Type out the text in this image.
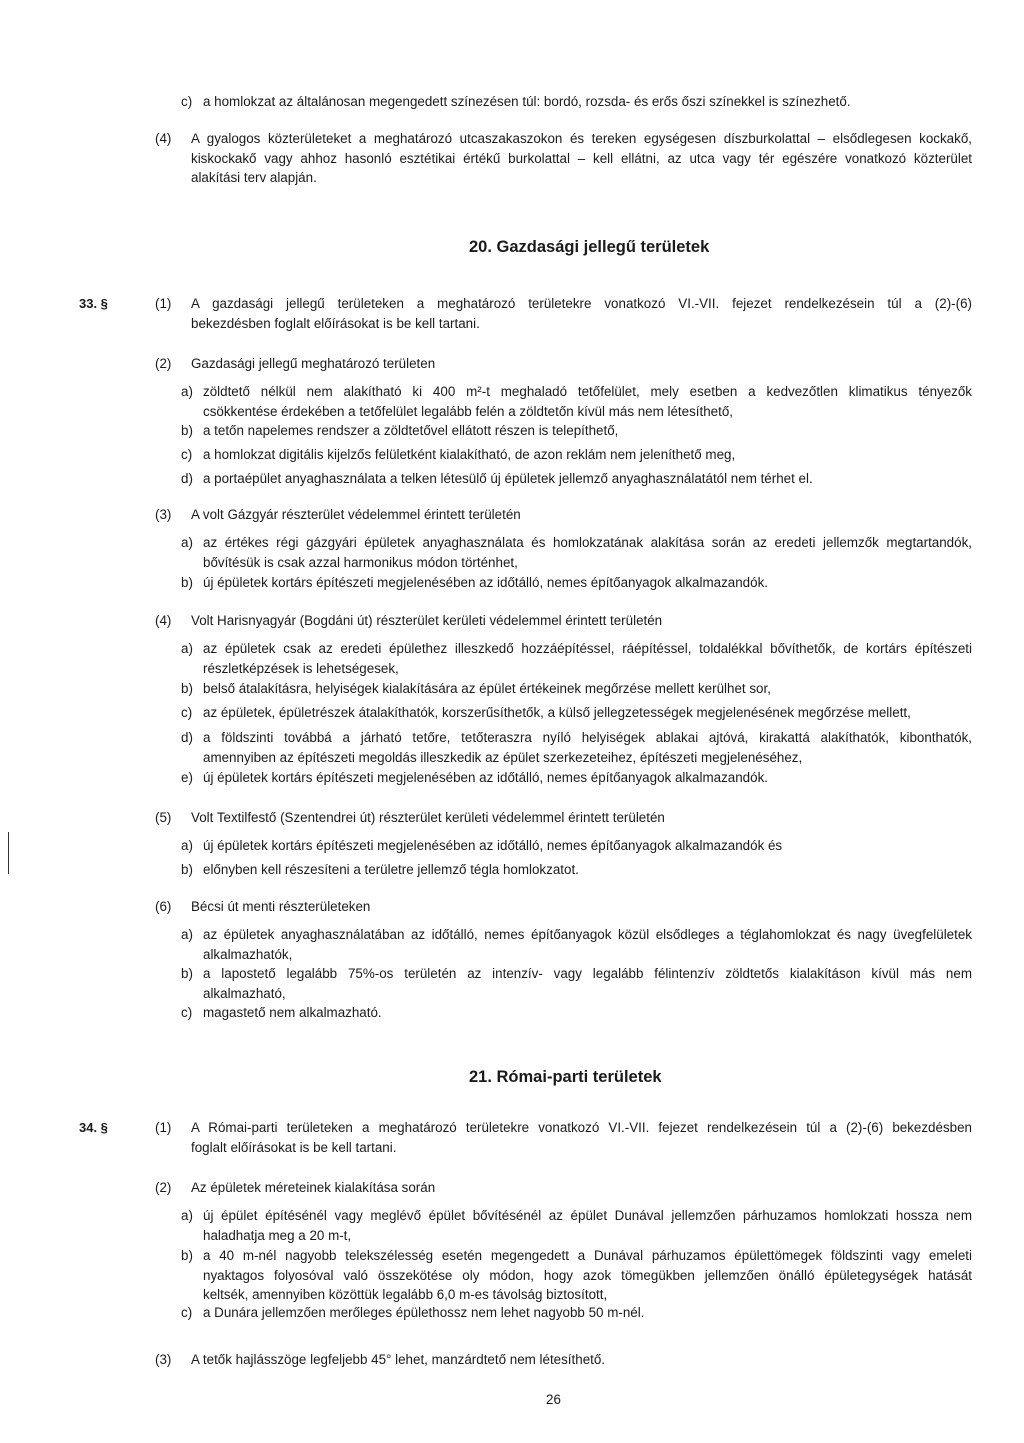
c) a homlokzat az általánosan megengedett színezésen túl: bordó, rozsda- és erős őszi színekkel is színezhető.
(4) A gyalogos közterületeket a meghatározó utcaszakaszokon és tereken egységesen díszburkolattal – elsődlegesen kockakő,
kiskockakő vagy ahhoz hasonló esztétikai értékű burkolattal – kell ellátni, az utca vagy tér egészére vonatkozó közterület
alakítási terv alapján.
(1) A gazdasági jellegű területeken a meghatározó területekre vonatkozó VI.-VII. fejezet rendelkezésein túl a (2)-(6)
bekezdésben foglalt előírásokat is be kell tartani.
(2) Gazdasági jellegű meghatározó területen
a) zöldtető nélkül nem alakítható ki 400 m²-t meghaladó tetőfelület, mely esetben a kedvezőtlen klimatikus tényezők
csökkentése érdekében a tetőfelület legalább felén a zöldtetőn kívül más nem létesíthető,
b) a tetőn napelemes rendszer a zöldtetővel ellátott részen is telepíthető,
c) a homlokzat digitális kijelzős felületként kialakítható, de azon reklám nem jeleníthető meg,
d) a portaépület anyaghasználata a telken létesülő új épületek jellemző anyaghasználatától nem térhet el.
(3) A volt Gázgyár részterület védelemmel érintett területén
a) az értékes régi gázgyári épületek anyaghasználata és homlokzatának alakítása során az eredeti jellemzők megtartandók,
bővítésük is csak azzal harmonikus módon történhet,
b) új épületek kortárs építészeti megjelenésében az időtálló, nemes építőanyagok alkalmazandók.
(4) Volt Harisnyagyár (Bogdáni út) részterület kerületi védelemmel érintett területén
a) az épületek csak az eredeti épülethez illeszkedő hozzáépítéssel, ráépítéssel, toldalékkal bővíthetők, de kortárs építészeti
részletképzések is lehetségesek,
b) belső átalakításra, helyiségek kialakítására az épület értékeinek megőrzése mellett kerülhet sor,
c) az épületek, épületrészek átalakíthatók, korszerűsíthetők, a külső jellegzetességek megjelenésének megőrzése mellett,
d) a földszinti továbbá a járható tetőre, tetőteraszra nyíló helyiségek ablakai ajtóvá, kirakattá alakíthatók, kibonthatók,
amennyiben az építészeti megoldás illeszkedik az épület szerkezeteihez, építészeti megjelenéséhez,
e) új épületek kortárs építészeti megjelenésében az időtálló, nemes építőanyagok alkalmazandók.
(5) Volt Textilfestő (Szentendrei út) részterület kerületi védelemmel érintett területén
a) új épületek kortárs építészeti megjelenésében az időtálló, nemes építőanyagok alkalmazandók és
b) előnyben kell részesíteni a területre jellemző tégla homlokzatot.
(6) Bécsi út menti részterületeken
a) az épületek anyaghasználatában az időtálló, nemes építőanyagok közül elsődleges a téglahomlokzat és nagy üvegfelületek
alkalmazhatók,
b) a lapostető legalább 75%-os területén az intenzív- vagy legalább félintenzív zöldtetős kialakításon kívül más nem
alkalmazható,
c) magastető nem alkalmazható.
(1) A Római-parti területeken a meghatározó területekre vonatkozó VI.-VII. fejezet rendelkezésein túl a (2)-(6) bekezdésben
foglalt előírásokat is be kell tartani.
(2) Az épületek méreteinek kialakítása során
a) új épület építésénél vagy meglévő épület bővítésénél az épület Dunával jellemzően párhuzamos homlokzati hossza nem
haladhatja meg a 20 m-t,
b) a 40 m-nél nagyobb telekszélesség esetén megengedett a Dunával párhuzamos épülettömegek földszinti vagy emeleti
nyaktagos folyosóval való összekötése oly módon, hogy azok tömegükben jellemzően önálló épületegységek hatását
keltsék, amennyiben közöttük legalább 6,0 m-es távolság biztosított,
c) a Dunára jellemzően merőleges épülethossz nem lehet nagyobb 50 m-nél.
(3) A tetők hajlásszöge legfeljebb 45° lehet, manzárdtető nem létesíthető.
20. Gazdasági jellegű területek
21. Római-parti területek
33. §
34. §
26
